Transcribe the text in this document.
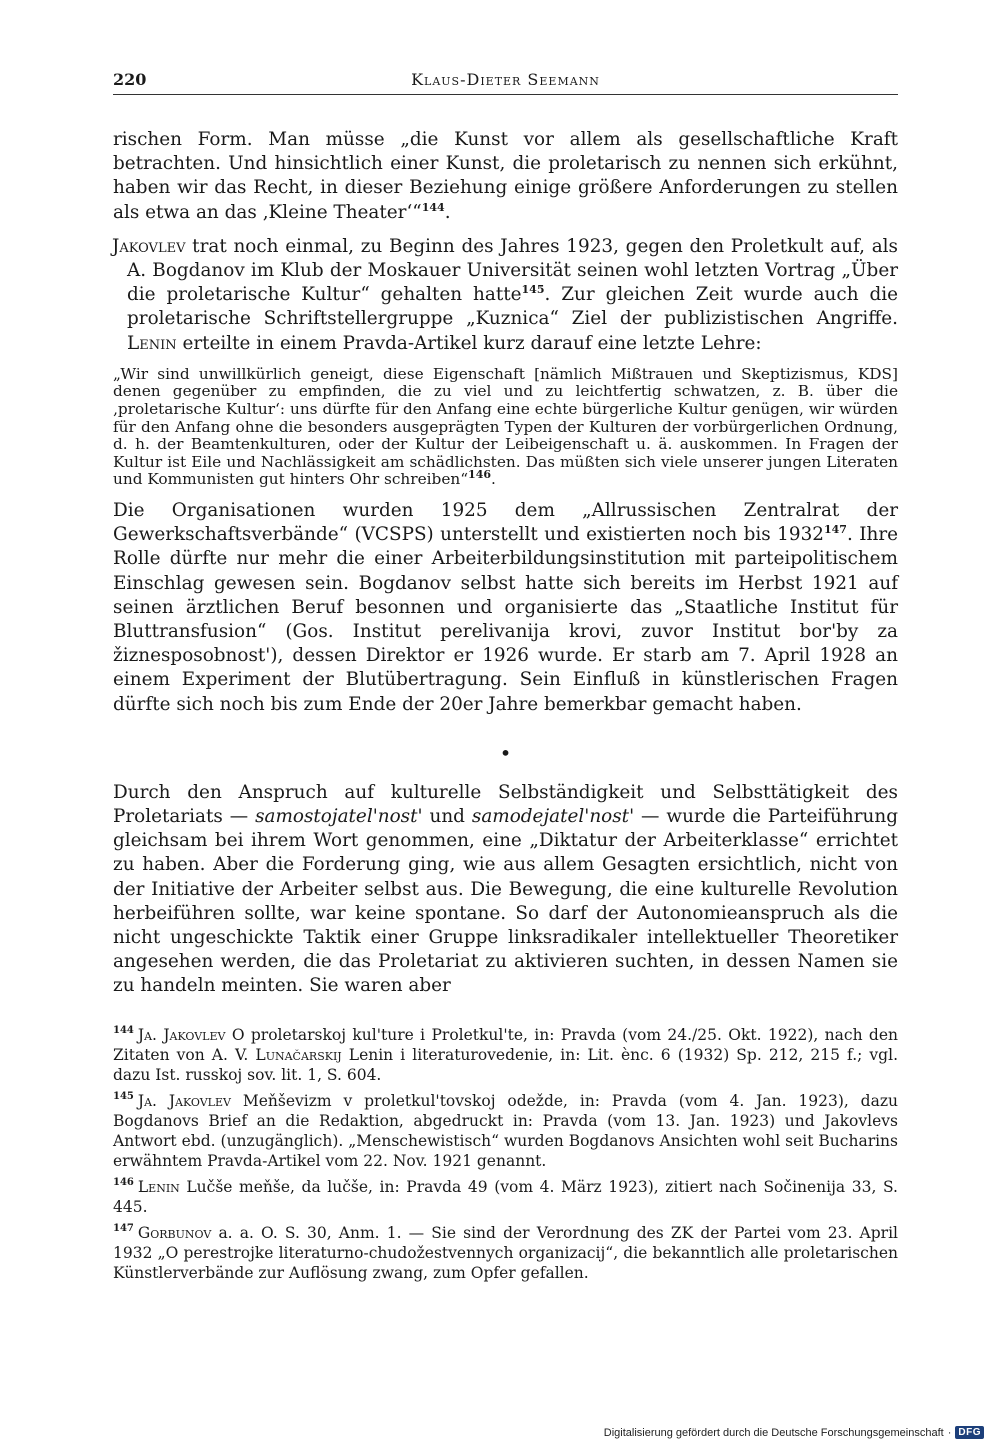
220	Klaus-Dieter Seemann

rischen Form. Man müsse „die Kunst vor allem als gesellschaftliche Kraft betrachten. Und hinsichtlich einer Kunst, die proletarisch zu nennen sich erkühnt, haben wir das Recht, in dieser Beziehung einige größere Anforderungen zu stellen als etwa an das ‚Kleine Theater‘“$^{144}$.

Jakovlev trat noch einmal, zu Beginn des Jahres 1923, gegen den Proletkult auf, als A. Bogdanov im Klub der Moskauer Universität seinen wohl letzten Vortrag „Über die proletarische Kultur“ gehalten hatte$^{145}$. Zur gleichen Zeit wurde auch die proletarische Schriftstellergruppe „Kuznica“ Ziel der publizistischen Angriffe. Lenin erteilte in einem Pravda-Artikel kurz darauf eine letzte Lehre:

„Wir sind unwillkürlich geneigt, diese Eigenschaft [nämlich Mißtrauen und Skeptizismus, KDS] denen gegenüber zu empfinden, die zu viel und zu leichtfertig schwatzen, z. B. über die ‚proletarische Kultur‘: uns dürfte für den Anfang eine echte bürgerliche Kultur genügen, wir würden für den Anfang ohne die besonders ausgeprägten Typen der Kulturen der vorbürgerlichen Ordnung, d. h. der Beamtenkulturen, oder der Kultur der Leibeigenschaft u. ä. auskommen. In Fragen der Kultur ist Eile und Nachlässigkeit am schädlichsten. Das müßten sich viele unserer jungen Literaten und Kommunisten gut hinters Ohr schreiben“$^{146}$.

Die Organisationen wurden 1925 dem „Allrussischen Zentralrat der Gewerkschaftsverbände“ (VCSPS) unterstellt und existierten noch bis 1932$^{147}$. Ihre Rolle dürfte nur mehr die einer Arbeiterbildungsinstitution mit parteipolitischem Einschlag gewesen sein. Bogdanov selbst hatte sich bereits im Herbst 1921 auf seinen ärztlichen Beruf besonnen und organisierte das „Staatliche Institut für Bluttransfusion“ (Gos. Institut perelivanija krovi, zuvor Institut bor'by za žiznesposobnost'), dessen Direktor er 1926 wurde. Er starb am 7. April 1928 an einem Experiment der Blutübertragung. Sein Einfluß in künstlerischen Fragen dürfte sich noch bis zum Ende der 20er Jahre bemerkbar gemacht haben.

•

Durch den Anspruch auf kulturelle Selbständigkeit und Selbsttätigkeit des Proletariats — samostojatel'nost' und samodejatel'nost' — wurde die Parteiführung gleichsam bei ihrem Wort genommen, eine „Diktatur der Arbeiterklasse“ errichtet zu haben. Aber die Forderung ging, wie aus allem Gesagten ersichtlich, nicht von der Initiative der Arbeiter selbst aus. Die Bewegung, die eine kulturelle Revolution herbeiführen sollte, war keine spontane. So darf der Autonomieanspruch als die nicht ungeschickte Taktik einer Gruppe linksradikaler intellektueller Theoretiker angesehen werden, die das Proletariat zu aktivieren suchten, in dessen Namen sie zu handeln meinten. Sie waren aber

$^{144}$ Ja. Jakovlev O proletarskoj kul'ture i Proletkul'te, in: Pravda (vom 24./25. Okt. 1922), nach den Zitaten von A. V. Lunačarskij Lenin i literaturovedenie, in: Lit. ènc. 6 (1932) Sp. 212, 215 f.; vgl. dazu Ist. russkoj sov. lit. 1, S. 604.

$^{145}$ Ja. Jakovlev Meňševizm v proletkul'tovskoj odežde, in: Pravda (vom 4. Jan. 1923), dazu Bogdanovs Brief an die Redaktion, abgedruckt in: Pravda (vom 13. Jan. 1923) und Jakovlevs Antwort ebd. (unzugänglich). „Menschewistisch“ wurden Bogdanovs Ansichten wohl seit Bucharins erwähntem Pravda-Artikel vom 22. Nov. 1921 genannt.

$^{146}$ Lenin Lučše meňše, da lučše, in: Pravda 49 (vom 4. März 1923), zitiert nach Sočinenija 33, S. 445.

$^{147}$ Gorbunov a. a. O. S. 30, Anm. 1. — Sie sind der Verordnung des ZK der Partei vom 23. April 1932 „O perestrojke literaturno-chudožestvennych organizacij“, die bekanntlich alle proletarischen Künstlerverbände zur Auflösung zwang, zum Opfer gefallen.

Digitalisierung gefördert durch die Deutsche Forschungsgemeinschaft · DFG
